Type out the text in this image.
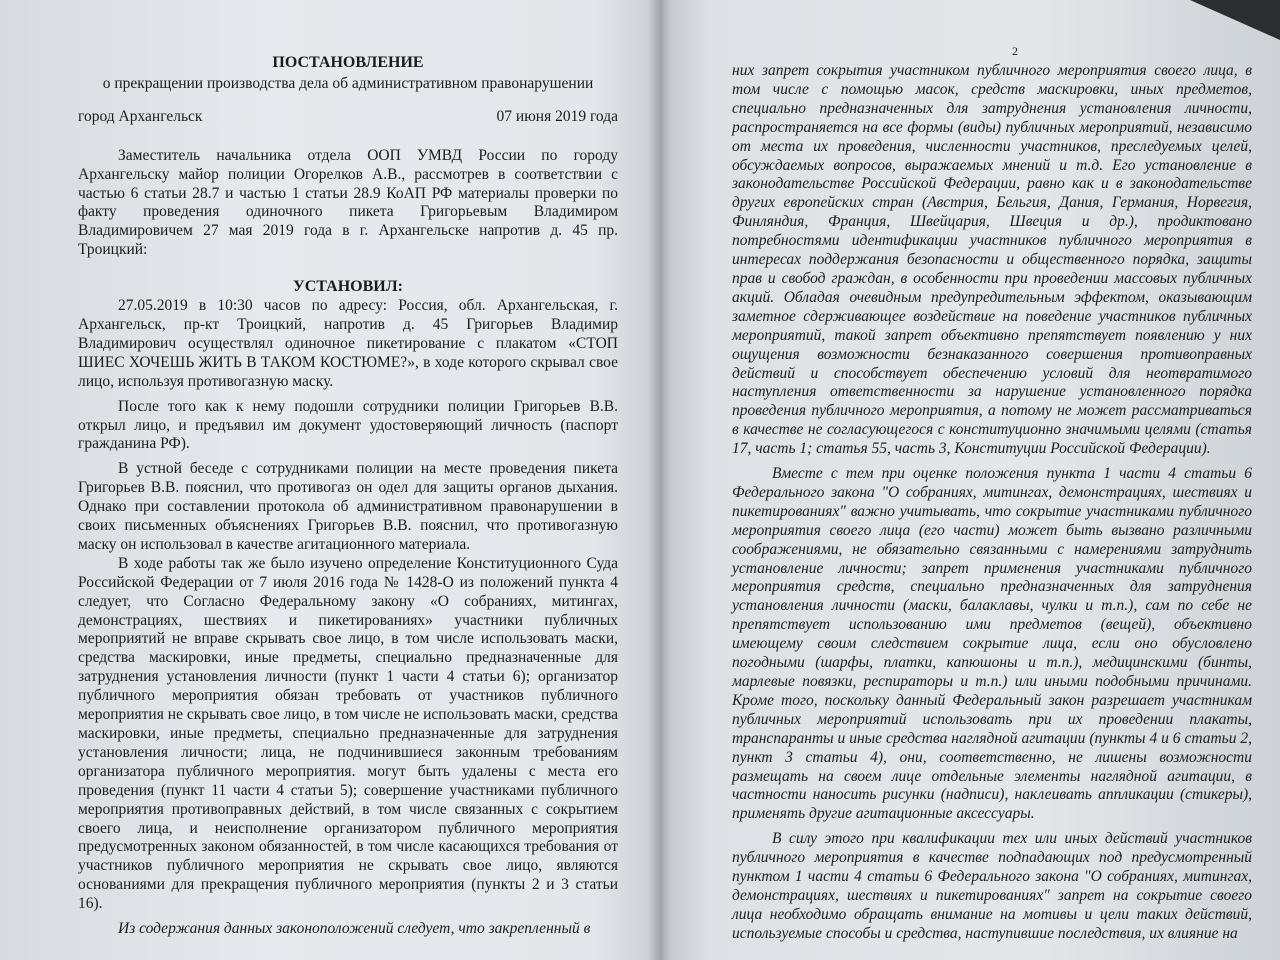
ПОСТАНОВЛЕНИЕ
о прекращении производства дела об административном правонарушении
город Архангельск	07 июня 2019 года

Заместитель начальника отдела ООП УМВД России по городу Архангельску майор полиции Огорелков А.В., рассмотрев в соответствии с частью 6 статьи 28.7 и частью 1 статьи 28.9 КоАП РФ материалы проверки по факту проведения одиночного пикета Григорьевым Владимиром Владимировичем 27 мая 2019 года в г. Архангельске напротив д. 45 пр. Троицкий:

УСТАНОВИЛ:

27.05.2019 в 10:30 часов по адресу: Россия, обл. Архангельская, г. Архангельск, пр-кт Троицкий, напротив д. 45 Григорьев Владимир Владимирович осуществлял одиночное пикетирование с плакатом «СТОП ШИЕС ХОЧЕШЬ ЖИТЬ В ТАКОМ КОСТЮМЕ?», в ходе которого скрывал свое лицо, используя противогазную маску.

После того как к нему подошли сотрудники полиции Григорьев В.В. открыл лицо, и предъявил им документ удостоверяющий личность (паспорт гражданина РФ).

В устной беседе с сотрудниками полиции на месте проведения пикета Григорьев В.В. пояснил, что противогаз он одел для защиты органов дыхания. Однако при составлении протокола об административном правонарушении в своих письменных объяснениях Григорьев В.В. пояснил, что противогазную маску он использовал в качестве агитационного материала.

В ходе работы так же было изучено определение Конституционного Суда Российской Федерации от 7 июля 2016 года № 1428-О из положений пункта 4 следует, что Согласно Федеральному закону «О собраниях, митингах, демонстрациях, шествиях и пикетированиях» участники публичных мероприятий не вправе скрывать свое лицо, в том числе использовать маски, средства маскировки, иные предметы, специально предназначенные для затруднения установления личности (пункт 1 части 4 статьи 6); организатор публичного мероприятия обязан требовать от участников публичного мероприятия не скрывать свое лицо, в том числе не использовать маски, средства маскировки, иные предметы, специально предназначенные для затруднения установления личности; лица, не подчинившиеся законным требованиям организатора публичного мероприятия. могут быть удалены с места его проведения (пункт 11 части 4 статьи 5); совершение участниками публичного мероприятия противоправных действий, в том числе связанных с сокрытием своего лица, и неисполнение организатором публичного мероприятия предусмотренных законом обязанностей, в том числе касающихся требования от участников публичного мероприятия не скрывать свое лицо, являются основаниями для прекращения публичного мероприятия (пункты 2 и 3 статьи 16).

Из содержания данных законоположений следует, что закрепленный в

2

них запрет сокрытия участником публичного мероприятия своего лица, в том числе с помощью масок, средств маскировки, иных предметов, специально предназначенных для затруднения установления личности, распространяется на все формы (виды) публичных мероприятий, независимо от места их проведения, численности участников, преследуемых целей, обсуждаемых вопросов, выражаемых мнений и т.д. Его установление в законодательстве Российской Федерации, равно как и в законодательстве других европейских стран (Австрия, Бельгия, Дания, Германия, Норвегия, Финляндия, Франция, Швейцария, Швеция и др.), продиктовано потребностями идентификации участников публичного мероприятия в интересах поддержания безопасности и общественного порядка, защиты прав и свобод граждан, в особенности при проведении массовых публичных акций. Обладая очевидным предупредительным эффектом, оказывающим заметное сдерживающее воздействие на поведение участников публичных мероприятий, такой запрет объективно препятствует появлению у них ощущения возможности безнаказанного совершения противоправных действий и способствует обеспечению условий для неотвратимого наступления ответственности за нарушение установленного порядка проведения публичного мероприятия, а потому не может рассматриваться в качестве не согласующегося с конституционно значимыми целями (статья 17, часть 1; статья 55, часть 3, Конституции Российской Федерации).

Вместе с тем при оценке положения пункта 1 части 4 статьи 6 Федерального закона "О собраниях, митингах, демонстрациях, шествиях и пикетированиях" важно учитывать, что сокрытие участниками публичного мероприятия своего лица (его части) может быть вызвано различными соображениями, не обязательно связанными с намерениями затруднить установление личности; запрет применения участниками публичного мероприятия средств, специально предназначенных для затруднения установления личности (маски, балаклавы, чулки и т.п.), сам по себе не препятствует использованию ими предметов (вещей), объективно имеющему своим следствием сокрытие лица, если оно обусловлено погодными (шарфы, платки, капюшоны и т.п.), медицинскими (бинты, марлевые повязки, респираторы и т.п.) или иными подобными причинами. Кроме того, поскольку данный Федеральный закон разрешает участникам публичных мероприятий использовать при их проведении плакаты, транспаранты и иные средства наглядной агитации (пункты 4 и 6 статьи 2, пункт 3 статьи 4), они, соответственно, не лишены возможности размещать на своем лице отдельные элементы наглядной агитации, в частности наносить рисунки (надписи), наклеивать аппликации (стикеры), применять другие агитационные аксессуары.

В силу этого при квалификации тех или иных действий участников публичного мероприятия в качестве подпадающих под предусмотренный пунктом 1 части 4 статьи 6 Федерального закона "О собраниях, митингах, демонстрациях, шествиях и пикетированиях" запрет на сокрытие своего лица необходимо обращать внимание на мотивы и цели таких действий, используемые способы и средства, наступившие последствия, их влияние на
